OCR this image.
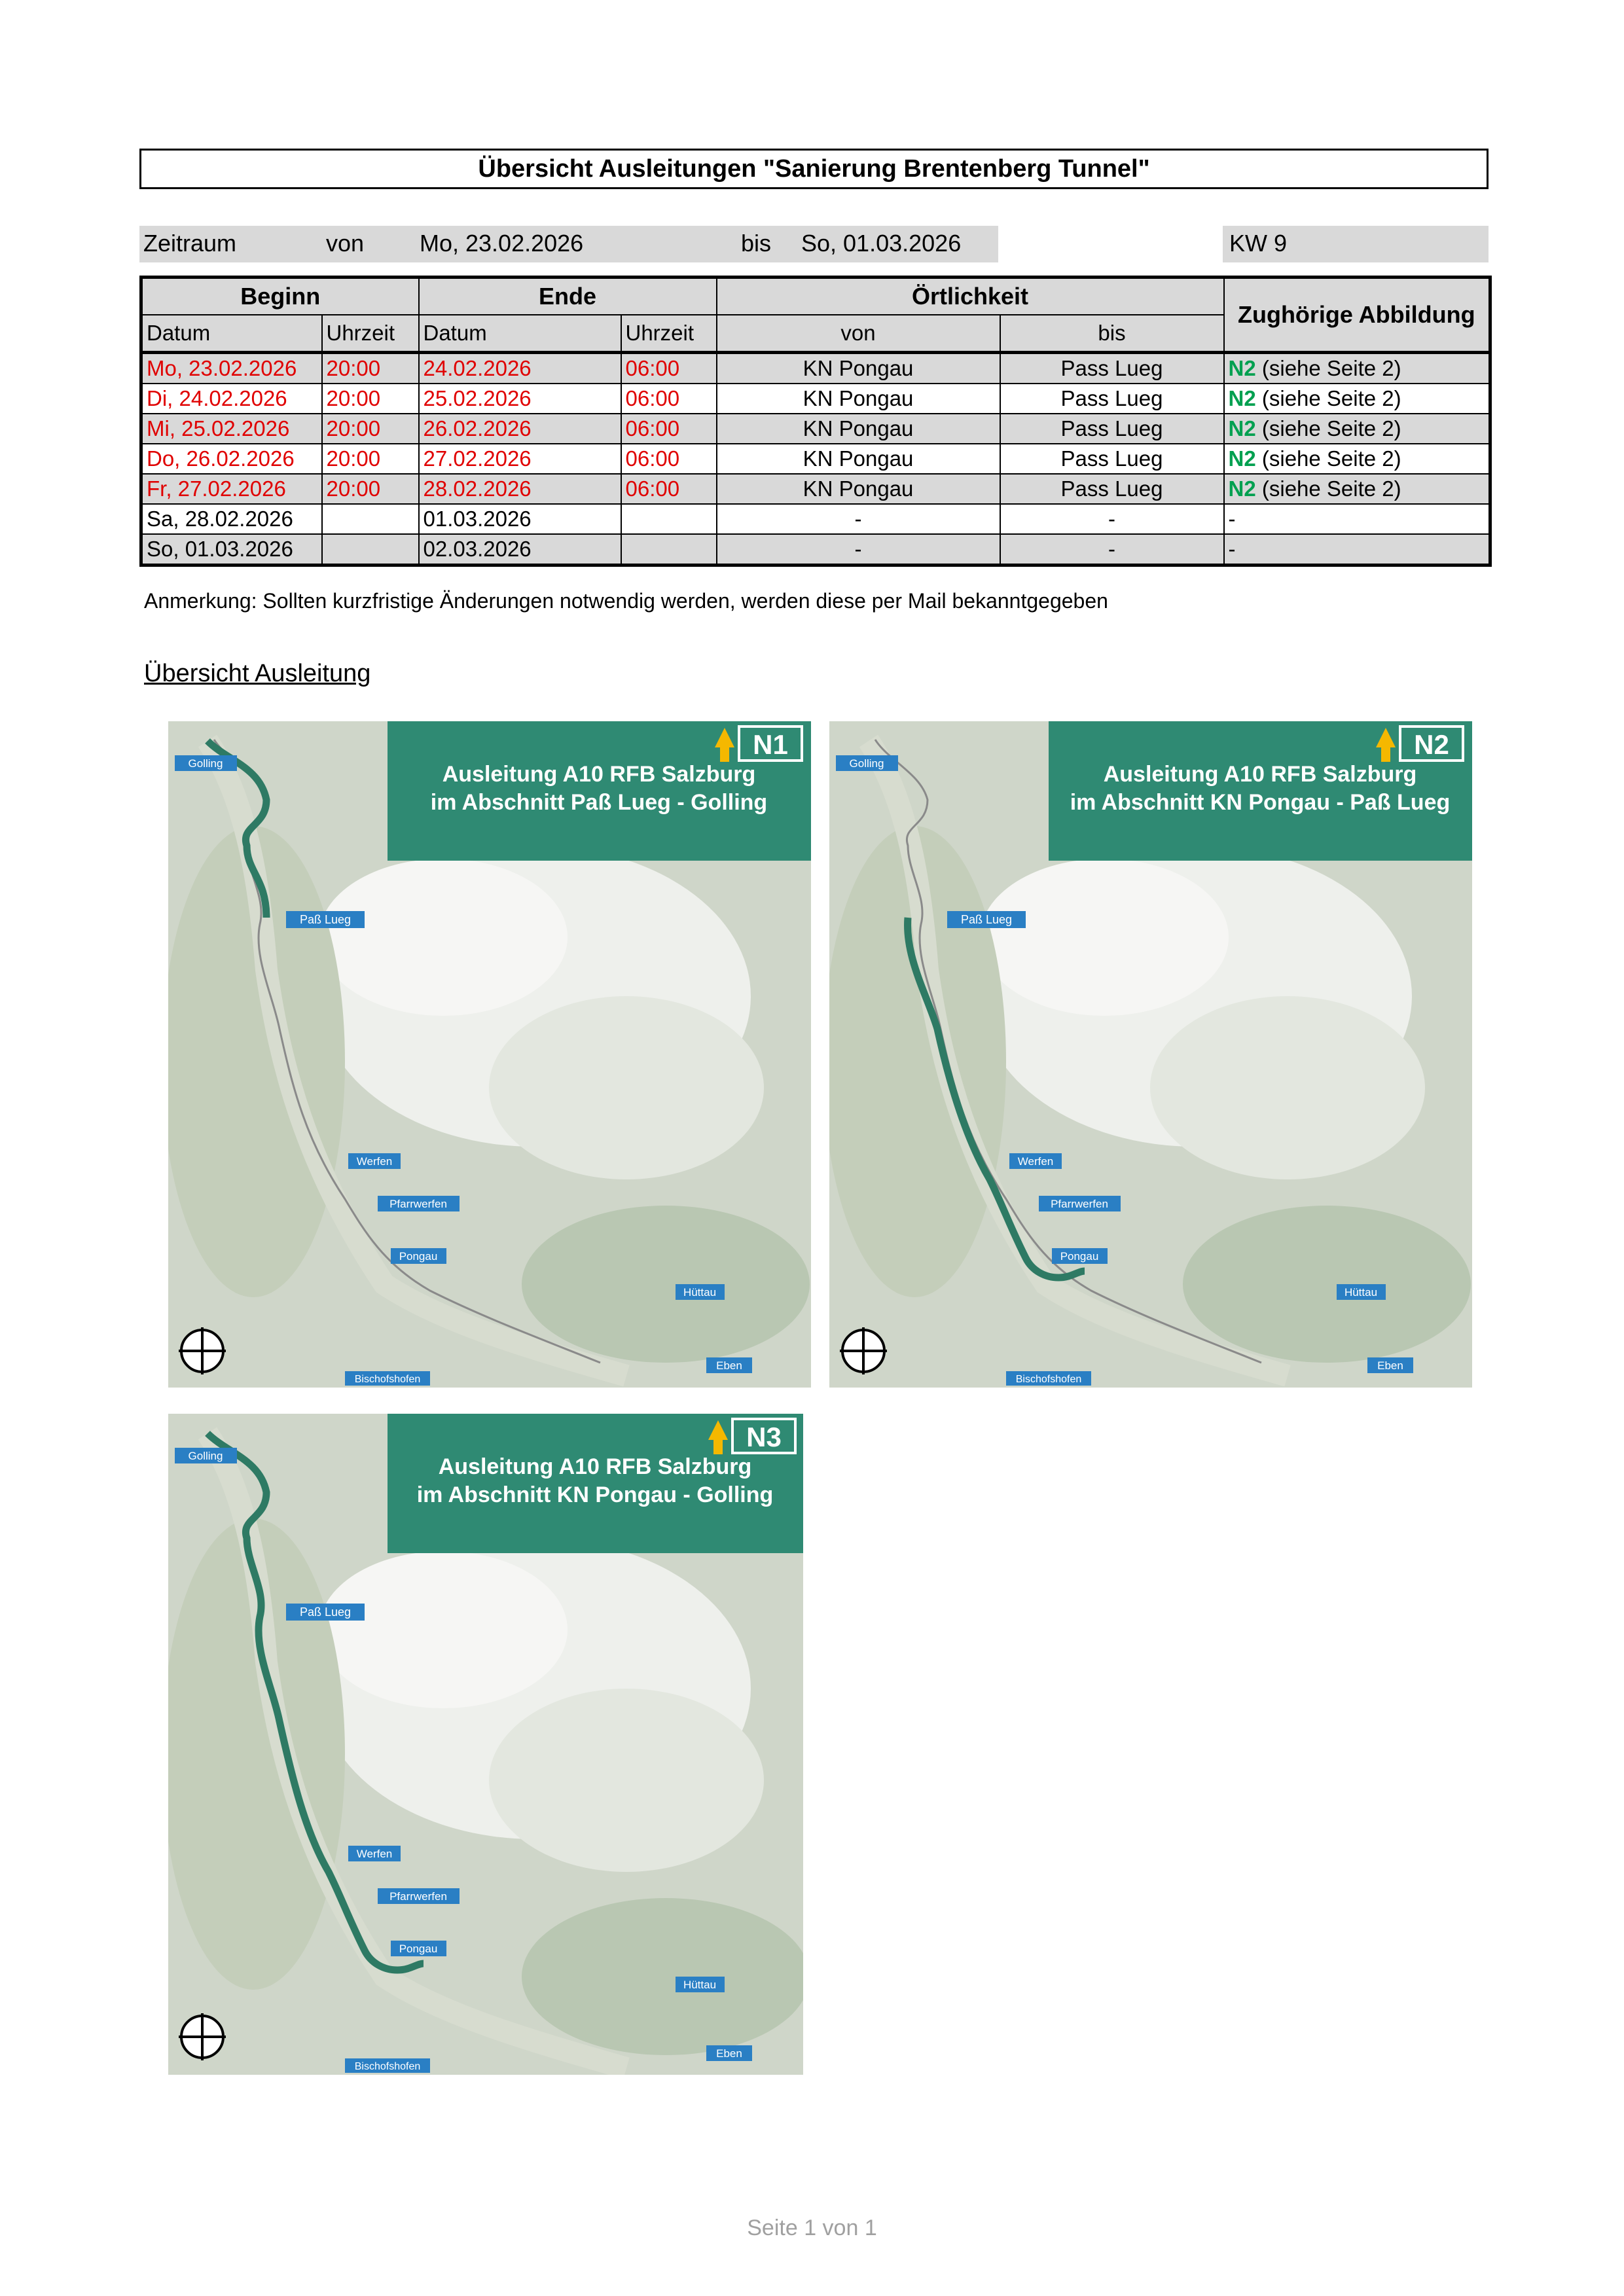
Übersicht Ausleitungen "Sanierung Brentenberg Tunnel"
Zeitraum	von Mo, 23.02.2026	bis So, 01.03.2026	KW 9
Beginn		Ende		Örtlichkeit		Zughörige Abbildung
Datum	Uhrzeit	Datum	Uhrzeit	von	bis	
Mo, 23.02.2026	20:00	24.02.2026	06:00	KN Pongau	Pass Lueg	N2 (siehe Seite 2)
Di, 24.02.2026	20:00	25.02.2026	06:00	KN Pongau	Pass Lueg	N2 (siehe Seite 2)
Mi, 25.02.2026	20:00	26.02.2026	06:00	KN Pongau	Pass Lueg	N2 (siehe Seite 2)
Do, 26.02.2026	20:00	27.02.2026	06:00	KN Pongau	Pass Lueg	N2 (siehe Seite 2)
Fr, 27.02.2026	20:00	28.02.2026	06:00	KN Pongau	Pass Lueg	N2 (siehe Seite 2)
Sa, 28.02.2026		01.03.2026		-	-	-
So, 01.03.2026		02.03.2026		-	-	-
Anmerkung: Sollten kurzfristige Änderungen notwendig werden, werden diese per Mail bekanntgegeben
Übersicht Ausleitung
Ausleitung A10 RFB Salzburg
im Abschnitt Paß Lueg - Golling
N1
Golling
Paß Lueg
Werfen
Pfarrwerfen
Pongau
Hüttau
Eben
Bischofshofen
Ausleitung A10 RFB Salzburg
im Abschnitt KN Pongau - Paß Lueg
N2
Golling
Paß Lueg
Werfen
Pfarrwerfen
Pongau
Hüttau
Eben
Bischofshofen
Ausleitung A10 RFB Salzburg
im Abschnitt KN Pongau - Golling
N3
Golling
Paß Lueg
Werfen
Pfarrwerfen
Pongau
Hüttau
Eben
Bischofshofen
Seite 1 von 1
